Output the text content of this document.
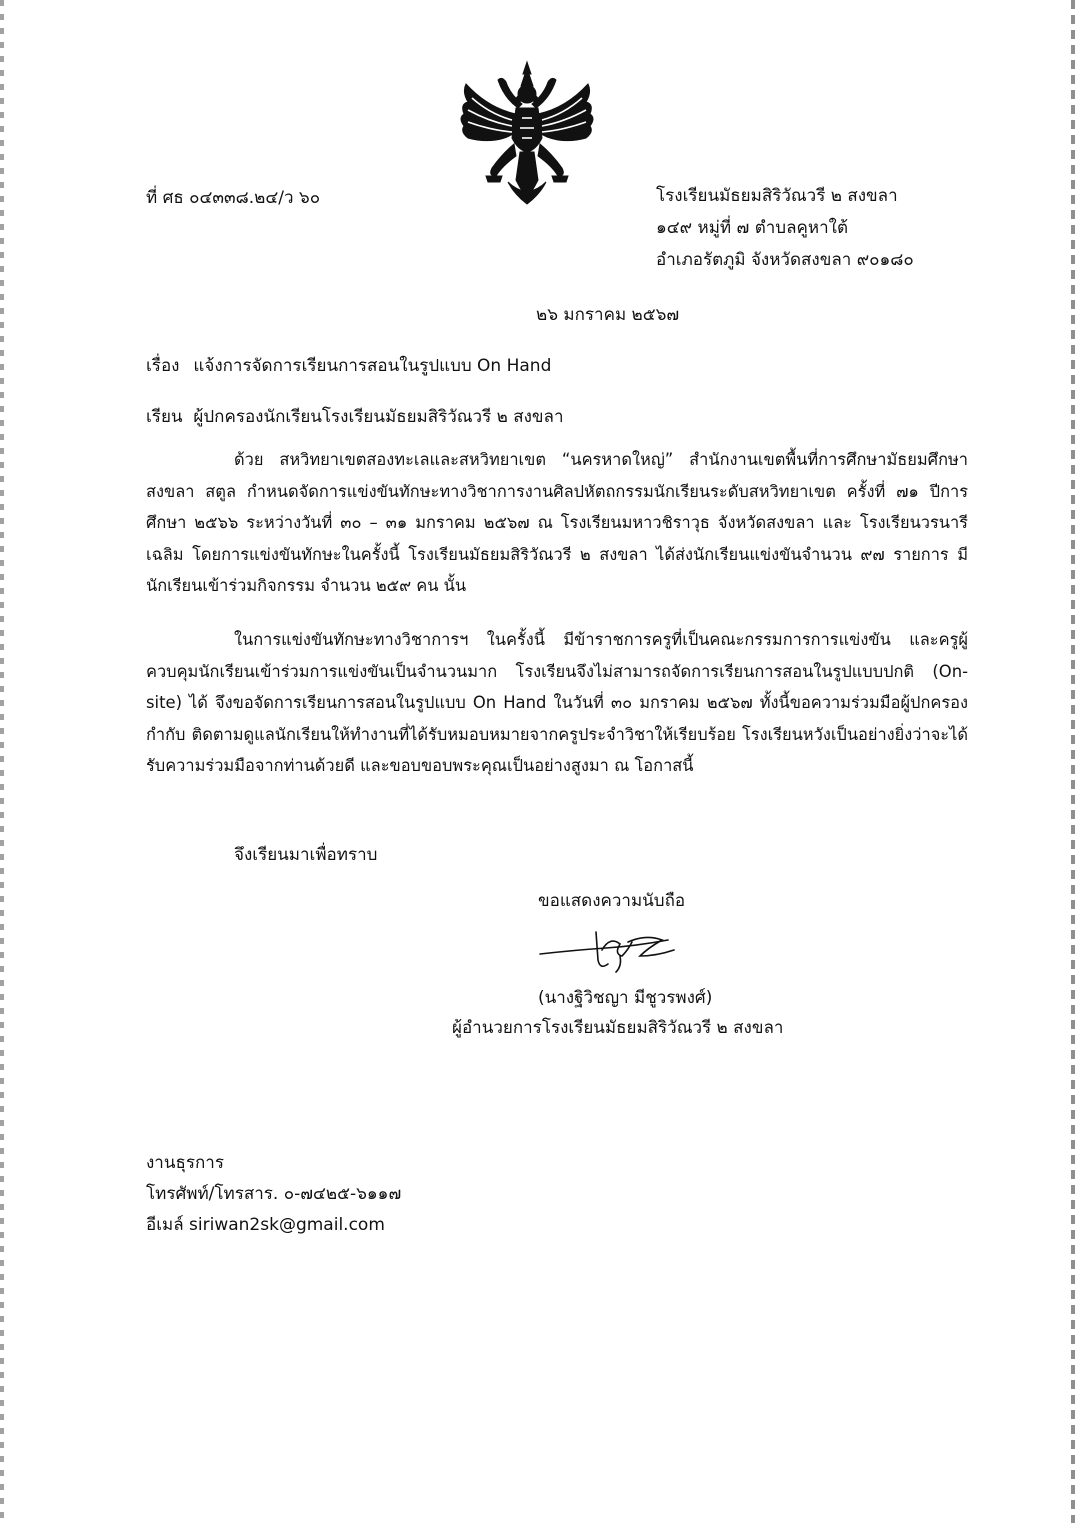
ที่ ศธ ๐๔๓๓๘.๒๔/ว ๖๐	โรงเรียนมัธยมสิริวัณวรี ๒ สงขลา
๑๔๙ หมู่ที่ ๗ ตำบลคูหาใต้
อำเภอรัตภูมิ จังหวัดสงขลา ๙๐๑๘๐
๒๖ มกราคม ๒๕๖๗
เรื่อง แจ้งการจัดการเรียนการสอนในรูปแบบ On Hand
เรียน ผู้ปกครองนักเรียนโรงเรียนมัธยมสิริวัณวรี ๒ สงขลา
ด้วย สหวิทยาเขตสองทะเลและสหวิทยาเขต “นครหาดใหญ่” สำนักงานเขตพื้นที่การศึกษามัธยมศึกษาสงขลา สตูล กำหนดจัดการแข่งขันทักษะทางวิชาการงานศิลปหัตถกรรมนักเรียนระดับสหวิทยาเขต ครั้งที่ ๗๑ ปีการศึกษา ๒๕๖๖ ระหว่างวันที่ ๓๐ – ๓๑ มกราคม ๒๕๖๗ ณ โรงเรียนมหาวชิราวุธ จังหวัดสงขลา และ โรงเรียนวรนารีเฉลิม โดยการแข่งขันทักษะในครั้งนี้ โรงเรียนมัธยมสิริวัณวรี ๒ สงขลา ได้ส่งนักเรียนแข่งขันจำนวน ๙๗ รายการ มีนักเรียนเข้าร่วมกิจกรรม จำนวน ๒๕๙ คน นั้น
ในการแข่งขันทักษะทางวิชาการฯ ในครั้งนี้ มีข้าราชการครูที่เป็นคณะกรรมการการแข่งขัน และครูผู้ควบคุมนักเรียนเข้าร่วมการแข่งขันเป็นจำนวนมาก โรงเรียนจึงไม่สามารถจัดการเรียนการสอนในรูปแบบปกติ (On-site) ได้ จึงขอจัดการเรียนการสอนในรูปแบบ On Hand ในวันที่ ๓๐ มกราคม ๒๕๖๗ ทั้งนี้ขอความร่วมมือผู้ปกครอง กำกับ ติดตามดูแลนักเรียนให้ทำงานที่ได้รับหมอบหมายจากครูประจำวิชาให้เรียบร้อย โรงเรียนหวังเป็นอย่างยิ่งว่าจะได้รับความร่วมมือจากท่านด้วยดี และขอบขอบพระคุณเป็นอย่างสูงมา ณ โอกาสนี้
จึงเรียนมาเพื่อทราบ
ขอแสดงความนับถือ
(นางฐิวิชญา มีชูวรพงศ์)
ผู้อำนวยการโรงเรียนมัธยมสิริวัณวรี ๒ สงขลา
งานธุรการ
โทรศัพท์/โทรสาร. ๐-๗๔๒๕-๖๑๑๗
อีเมล์ siriwan2sk@gmail.com
